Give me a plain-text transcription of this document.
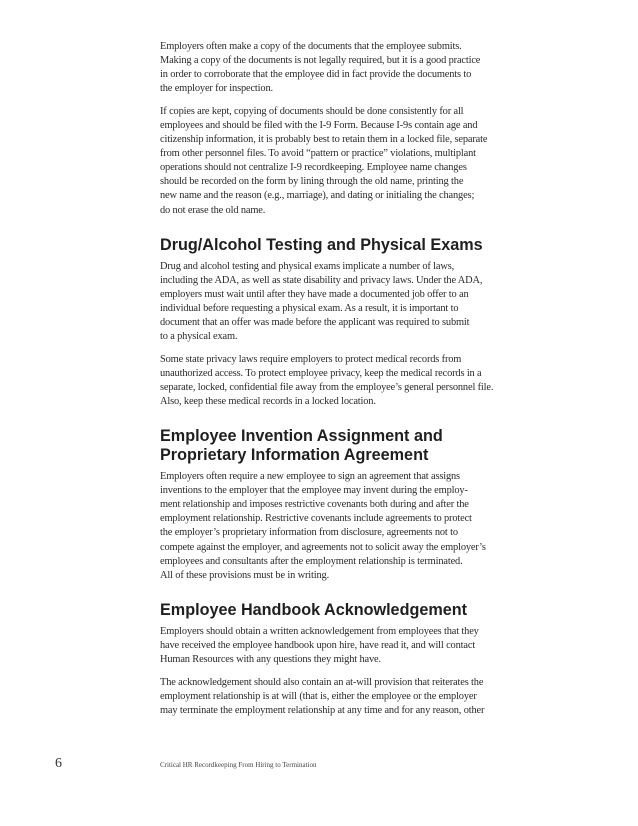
Employers often make a copy of the documents that the employee submits.
Making a copy of the documents is not legally required, but it is a good practice
in order to corroborate that the employee did in fact provide the documents to
the employer for inspection.

If copies are kept, copying of documents should be done consistently for all
employees and should be filed with the I-9 Form. Because I-9s contain age and
citizenship information, it is probably best to retain them in a locked file, separate
from other personnel files. To avoid “pattern or practice” violations, multiplant
operations should not centralize I-9 recordkeeping. Employee name changes
should be recorded on the form by lining through the old name, printing the
new name and the reason (e.g., marriage), and dating or initialing the changes;
do not erase the old name.

Drug/Alcohol Testing and Physical Exams

Drug and alcohol testing and physical exams implicate a number of laws,
including the ADA, as well as state disability and privacy laws. Under the ADA,
employers must wait until after they have made a documented job offer to an
individual before requesting a physical exam. As a result, it is important to
document that an offer was made before the applicant was required to submit
to a physical exam.

Some state privacy laws require employers to protect medical records from
unauthorized access. To protect employee privacy, keep the medical records in a
separate, locked, confidential file away from the employee’s general personnel file.
Also, keep these medical records in a locked location.

Employee Invention Assignment and
Proprietary Information Agreement

Employers often require a new employee to sign an agreement that assigns
inventions to the employer that the employee may invent during the employ-
ment relationship and imposes restrictive covenants both during and after the
employment relationship. Restrictive covenants include agreements to protect
the employer’s proprietary information from disclosure, agreements not to
compete against the employer, and agreements not to solicit away the employer’s
employees and consultants after the employment relationship is terminated.
All of these provisions must be in writing.

Employee Handbook Acknowledgement

Employers should obtain a written acknowledgement from employees that they
have received the employee handbook upon hire, have read it, and will contact
Human Resources with any questions they might have.

The acknowledgement should also contain an at-will provision that reiterates the
employment relationship is at will (that is, either the employee or the employer
may terminate the employment relationship at any time and for any reason, other

6	Critical HR Recordkeeping From Hiring to Termination
